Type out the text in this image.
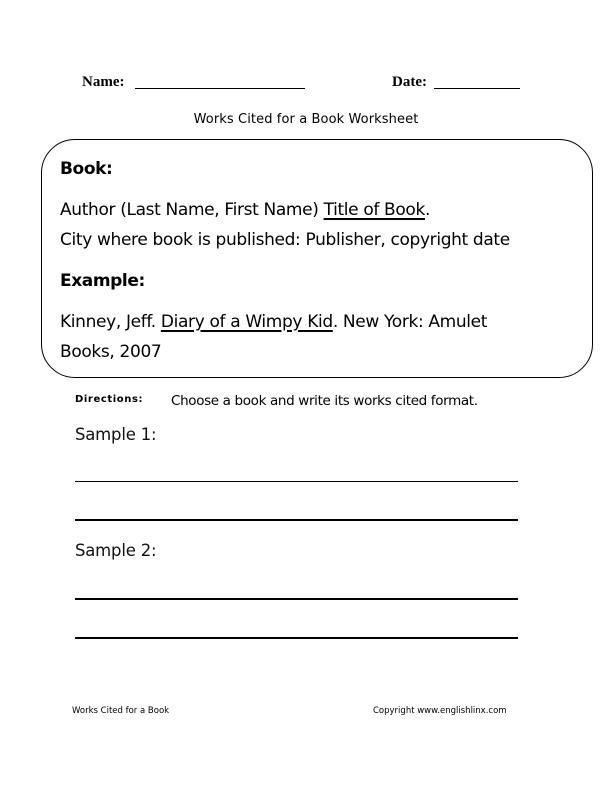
Name:	Date:
Works Cited for a Book Worksheet
Book:
Author (Last Name, First Name) Title of Book.
City where book is published: Publisher, copyright date
Example:
Kinney, Jeff. Diary of a Wimpy Kid. New York: Amulet
Books, 2007
Directions: Choose a book and write its works cited format.
Sample 1:
Sample 2:
Works Cited for a Book	Copyright www.englishlinx.com
